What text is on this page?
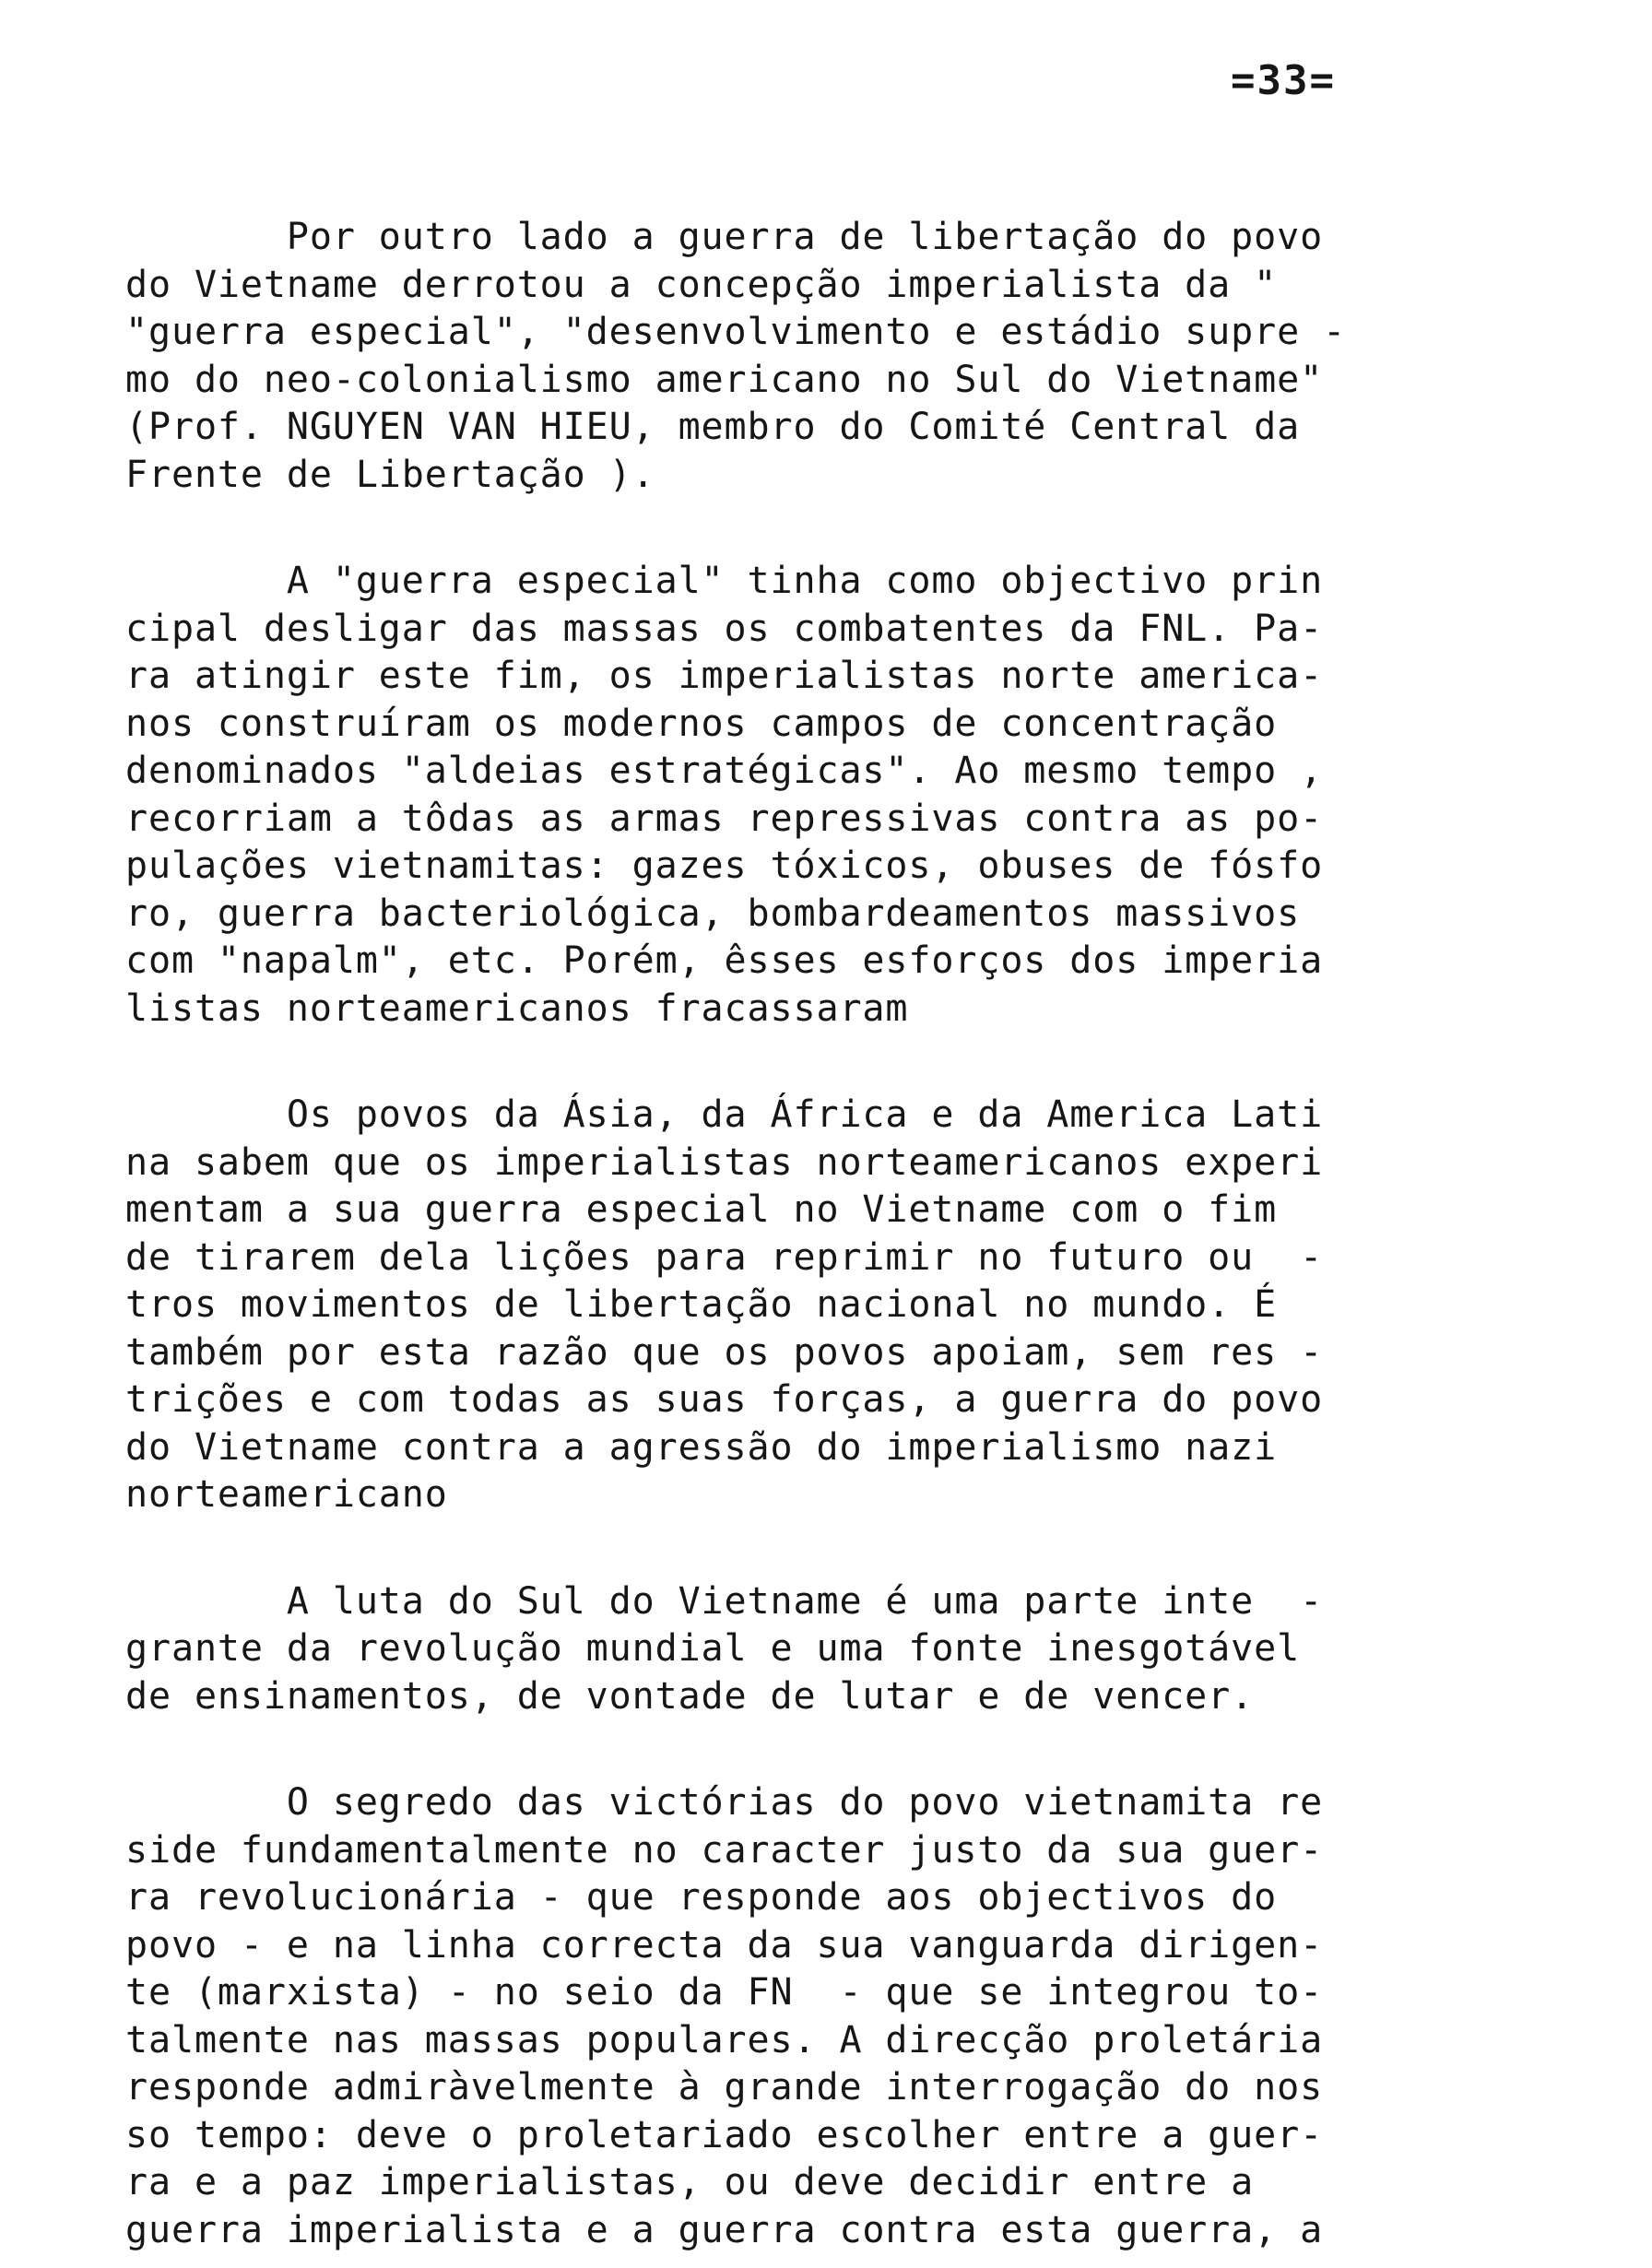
=33=
Por outro lado a guerra de libertação do povo
do Vietname derrotou a concepção imperialista da "
"guerra especial", "desenvolvimento e estádio supre -
mo do neo-colonialismo americano no Sul do Vietname"
(Prof. NGUYEN VAN HIEU, membro do Comité Central da
Frente de Libertação ).
A "guerra especial" tinha como objectivo prin
cipal desligar das massas os combatentes da FNL. Pa-
ra atingir este fim, os imperialistas norte america-
nos construíram os modernos campos de concentração
denominados "aldeias estratégicas". Ao mesmo tempo ,
recorriam a tôdas as armas repressivas contra as po-
pulações vietnamitas: gazes tóxicos, obuses de fósfo
ro, guerra bacteriológica, bombardeamentos massivos
com "napalm", etc. Porém, êsses esforços dos imperia
listas norteamericanos fracassaram
Os povos da Ásia, da África e da America Lati
na sabem que os imperialistas norteamericanos experi
mentam a sua guerra especial no Vietname com o fim
de tirarem dela lições para reprimir no futuro ou  -
tros movimentos de libertação nacional no mundo. É
também por esta razão que os povos apoiam, sem res -
trições e com todas as suas forças, a guerra do povo
do Vietname contra a agressão do imperialismo nazi
norteamericano
A luta do Sul do Vietname é uma parte inte  -
grante da revolução mundial e uma fonte inesgotável
de ensinamentos, de vontade de lutar e de vencer.
O segredo das victórias do povo vietnamita re
side fundamentalmente no caracter justo da sua guer-
ra revolucionária - que responde aos objectivos do
povo - e na linha correcta da sua vanguarda dirigen-
te (marxista) - no seio da FN  - que se integrou to-
talmente nas massas populares. A direcção proletária
responde admiràvelmente à grande interrogação do nos
so tempo: deve o proletariado escolher entre a guer-
ra e a paz imperialistas, ou deve decidir entre a
guerra imperialista e a guerra contra esta guerra, a
